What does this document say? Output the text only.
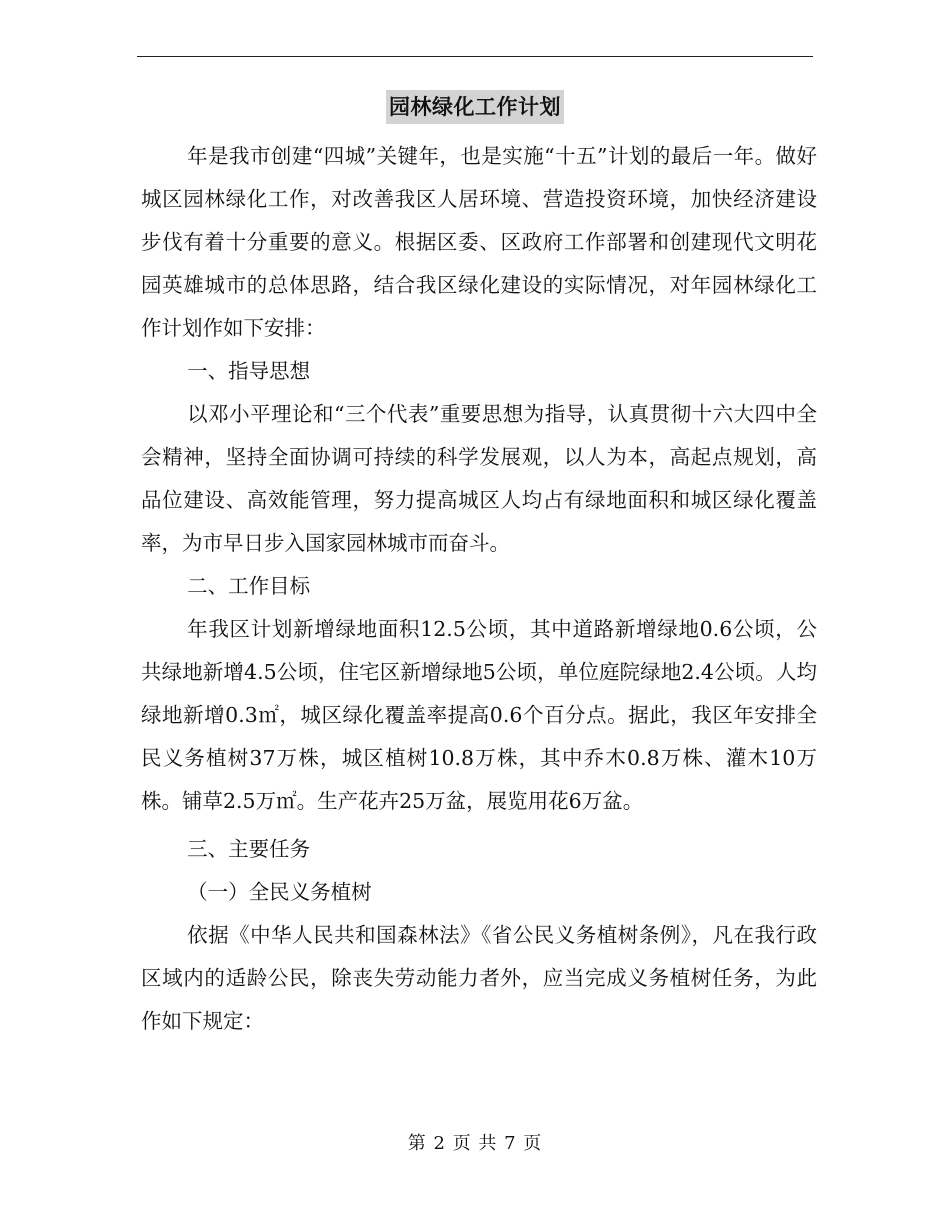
园林绿化工作计划

年是我市创建“四城”关键年，也是实施“十五”计划的最后一年。做好城区园林绿化工作，对改善我区人居环境、营造投资环境，加快经济建设步伐有着十分重要的意义。根据区委、区政府工作部署和创建现代文明花园英雄城市的总体思路，结合我区绿化建设的实际情况，对年园林绿化工作计划作如下安排：

一、指导思想

以邓小平理论和“三个代表”重要思想为指导，认真贯彻十六大四中全会精神，坚持全面协调可持续的科学发展观，以人为本，高起点规划，高品位建设、高效能管理，努力提高城区人均占有绿地面积和城区绿化覆盖率，为市早日步入国家园林城市而奋斗。

二、工作目标

年我区计划新增绿地面积12.5公顷，其中道路新增绿地0.6公顷，公共绿地新增4.5公顷，住宅区新增绿地5公顷，单位庭院绿地2.4公顷。人均绿地新增0.3㎡，城区绿化覆盖率提高0.6个百分点。据此，我区年安排全民义务植树37万株，城区植树10.8万株，其中乔木0.8万株、灌木10万株。铺草2.5万㎡。生产花卉25万盆，展览用花6万盆。

三、主要任务

（一）全民义务植树

依据《中华人民共和国森林法》《省公民义务植树条例》，凡在我行政区域内的适龄公民，除丧失劳动能力者外，应当完成义务植树任务，为此作如下规定：

第 2 页 共 7 页
